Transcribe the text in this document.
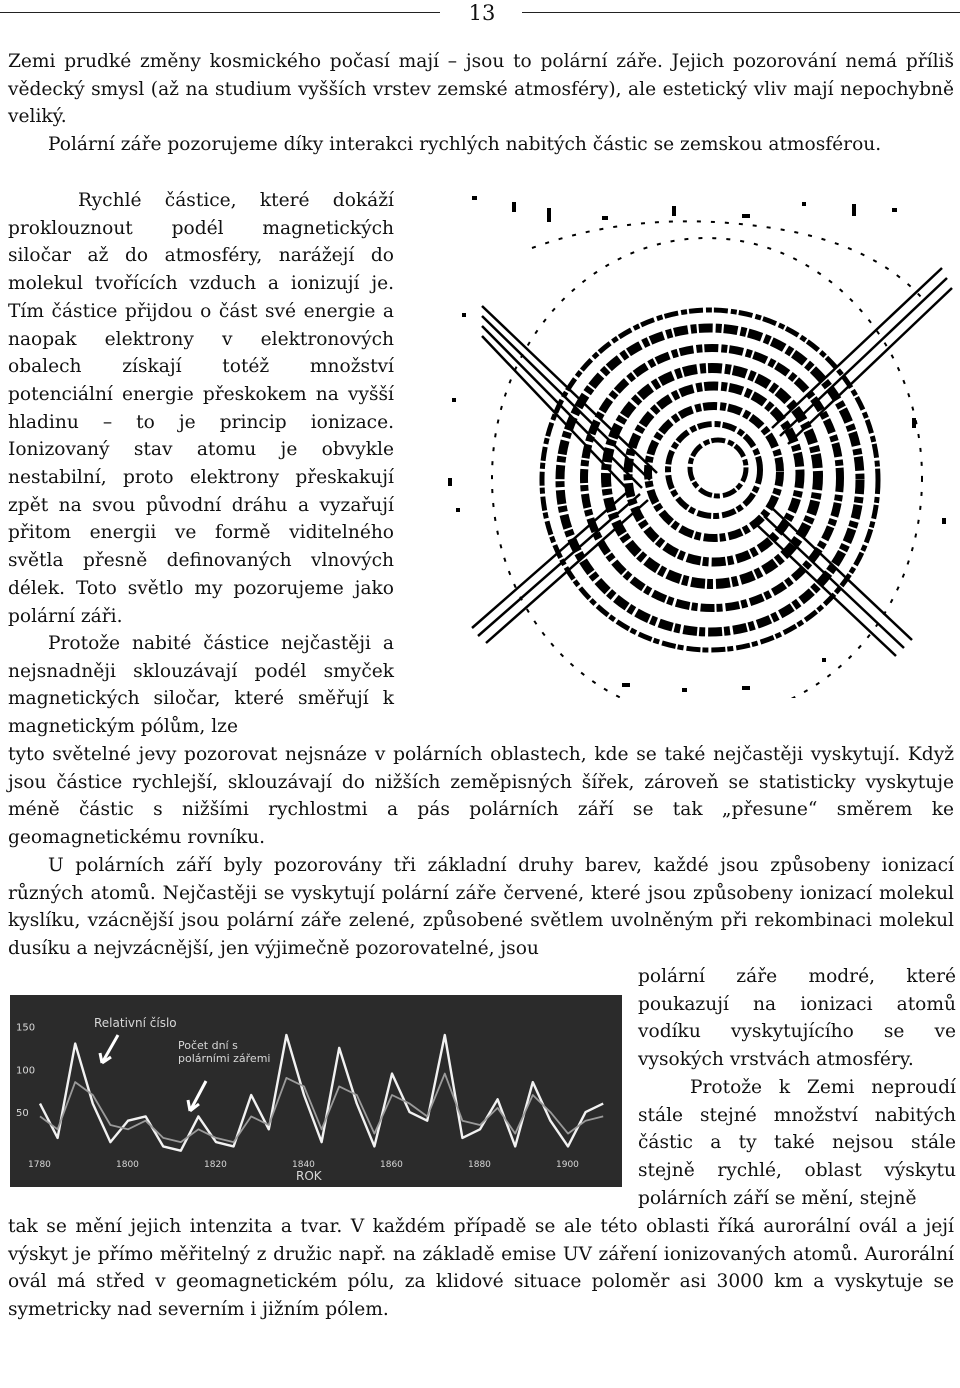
13

Zemi prudké změny kosmického počasí mají – jsou to polární záře. Jejich pozorování nemá příliš vědecký smysl (až na studium vyšších vrstev zemské atmosféry), ale estetický vliv mají nepochybně veliký.

Polární záře pozorujeme díky interakci rychlých nabitých částic se zemskou atmosférou.

Rychlé částice, které dokáží proklouznout podél magnetických siločar až do atmosféry, narážejí do molekul tvořících vzduch a ionizují je. Tím částice přijdou o část své energie a naopak elektrony v elektronových obalech získají totéž množství potenciální energie přeskokem na vyšší hladinu – to je princip ionizace. Ionizovaný stav atomu je obvykle nestabilní, proto elektrony přeskakují zpět na svou původní dráhu a vyzařují přitom energii ve formě viditelného světla přesně definovaných vlnových délek. Toto světlo my pozorujeme jako polární záři.

Protože nabité částice nejčastěji a nejsnadněji sklouzávají podél smyček magnetických siločar, které směřují k magnetickým pólům, lze

tyto světelné jevy pozorovat nejsnáze v polárních oblastech, kde se také nejčastěji vyskytují. Když jsou částice rychlejší, sklouzávají do nižších zeměpisných šířek, zároveň se statisticky vyskytuje méně částic s nižšími rychlostmi a pás polárních září se tak „přesune“ směrem ke geomagnetickému rovníku.

U polárních září byly pozorovány tři základní druhy barev, každé jsou způsobeny ionizací různých atomů. Nejčastěji se vyskytují polární záře červené, které jsou způsobeny ionizací molekul kyslíku, vzácnější jsou polární záře zelené, způsobené světlem uvolněným při rekombinaci molekul dusíku a nejvzácnější, jen výjimečně pozorovatelné, jsou

polární záře modré, které poukazují na ionizaci atomů vodíku vyskytujícího se ve vysokých vrstvách atmosféry.

Protože k Zemi neproudí stále stejné množství nabitých částic a ty také nejsou stále stejně rychlé, oblast výskytu polárních září se mění, stejně

150
100
50
1780	1800	1820	1840	1860	1880	1900
Relativní číslo
Počet dní s polárními zářemi
ROK

tak se mění jejich intenzita a tvar. V každém případě se ale této oblasti říká aurorální ovál a její výskyt je přímo měřitelný z družic např. na základě emise UV záření ionizovaných atomů. Aurorální ovál má střed v geomagnetickém pólu, za klidové situace poloměr asi 3000 km a vyskytuje se symetricky nad severním i jižním pólem.
